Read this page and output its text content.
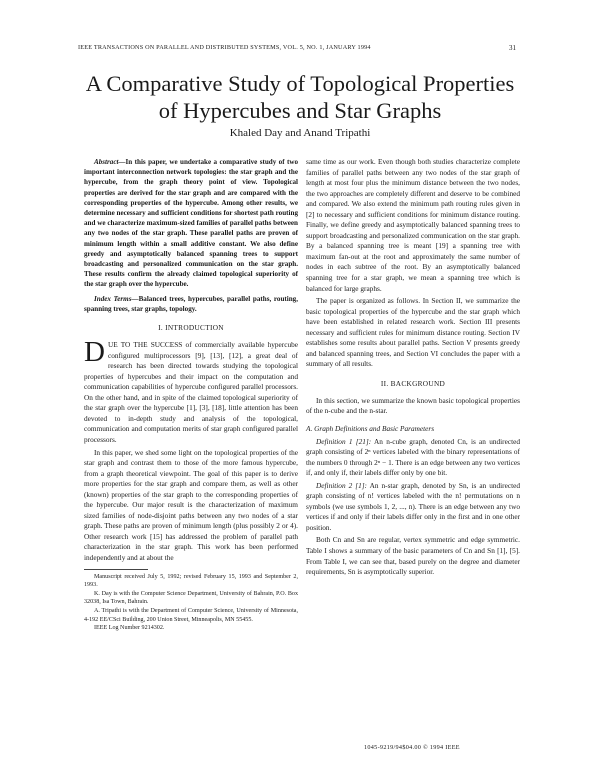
IEEE TRANSACTIONS ON PARALLEL AND DISTRIBUTED SYSTEMS, VOL. 5, NO. 1, JANUARY 1994	31
A Comparative Study of Topological Properties
of Hypercubes and Star Graphs
Khaled Day and Anand Tripathi

Abstract—In this paper, we undertake a comparative study of two important interconnection network topologies: the star graph and the hypercube, from the graph theory point of view. Topological properties are derived for the star graph and are compared with the corresponding properties of the hypercube. Among other results, we determine necessary and sufficient conditions for shortest path routing and we characterize maximum-sized families of parallel paths between any two nodes of the star graph. These parallel paths are proven of minimum length within a small additive constant. We also define greedy and asymptotically balanced spanning trees to support broadcasting and personalized communication on the star graph. These results confirm the already claimed topological superiority of the star graph over the hypercube.

Index Terms—Balanced trees, hypercubes, parallel paths, routing, spanning trees, star graphs, topology.

I. INTRODUCTION

DUE TO THE SUCCESS of commercially available hypercube configured multiprocessors [9], [13], [12], a great deal of research has been directed towards studying the topological properties of hypercubes and their impact on the computation and communication capabilities of hypercube configured parallel processors. On the other hand, and in spite of the claimed topological superiority of the star graph over the hypercube [1], [3], [18], little attention has been devoted to in-depth study and analysis of the topological, communication and computation merits of star graph configured parallel processors.

In this paper, we shed some light on the topological properties of the star graph and contrast them to those of the more famous hypercube, from a graph theoretical viewpoint. The goal of this paper is to derive more properties for the star graph and compare them, as well as other (known) properties of the star graph to the corresponding properties of the hypercube. Our major result is the characterization of maximum sized families of node-disjoint paths between any two nodes of a star graph. These paths are proven of minimum length (plus possibly 2 or 4). Other research work [15] has addressed the problem of parallel path characterization in the star graph. This work has been performed independently and at about the

Manuscript received July 5, 1992; revised February 15, 1993 and September 2, 1993.

K. Day is with the Computer Science Department, University of Bahrain, P.O. Box 32038, Isa Town, Bahrain.

A. Tripathi is with the Department of Computer Science, University of Minnesota, 4-192 EE/CSci Building, 200 Union Street, Minneapolis, MN 55455.

IEEE Log Number 9214302.

same time as our work. Even though both studies characterize complete families of parallel paths between any two nodes of the star graph of length at most four plus the minimum distance between the two nodes, the two approaches are completely different and deserve to be combined and compared. We also extend the minimum path routing rules given in [2] to necessary and sufficient conditions for minimum distance routing. Finally, we define greedy and asymptotically balanced spanning trees to support broadcasting and personalized communication on the star graph. By a balanced spanning tree is meant [19] a spanning tree with maximum fan-out at the root and approximately the same number of nodes in each subtree of the root. By an asymptotically balanced spanning tree for a star graph, we mean a spanning tree which is balanced for large graphs.

The paper is organized as follows. In Section II, we summarize the basic topological properties of the hypercube and the star graph which have been established in related research work. Section III presents necessary and sufficient rules for minimum distance routing. Section IV establishes some results about parallel paths. Section V presents greedy and balanced spanning trees, and Section VI concludes the paper with a summary of all results.

II. BACKGROUND

In this section, we summarize the known basic topological properties of the n-cube and the n-star.

A. Graph Definitions and Basic Parameters

Definition 1 [21]: An n-cube graph, denoted Cn, is an undirected graph consisting of 2ⁿ vertices labeled with the binary representations of the numbers 0 through 2ⁿ − 1. There is an edge between any two vertices if, and only if, their labels differ only by one bit.

Definition 2 [1]: An n-star graph, denoted by Sn, is an undirected graph consisting of n! vertices labeled with the n! permutations on n symbols (we use symbols 1, 2, ..., n). There is an edge between any two vertices if and only if their labels differ only in the first and in one other position.

Both Cn and Sn are regular, vertex symmetric and edge symmetric. Table I shows a summary of the basic parameters of Cn and Sn [1], [5]. From Table I, we can see that, based purely on the degree and diameter requirements, Sn is asymptotically superior.

1045-9219/94$04.00 © 1994 IEEE
